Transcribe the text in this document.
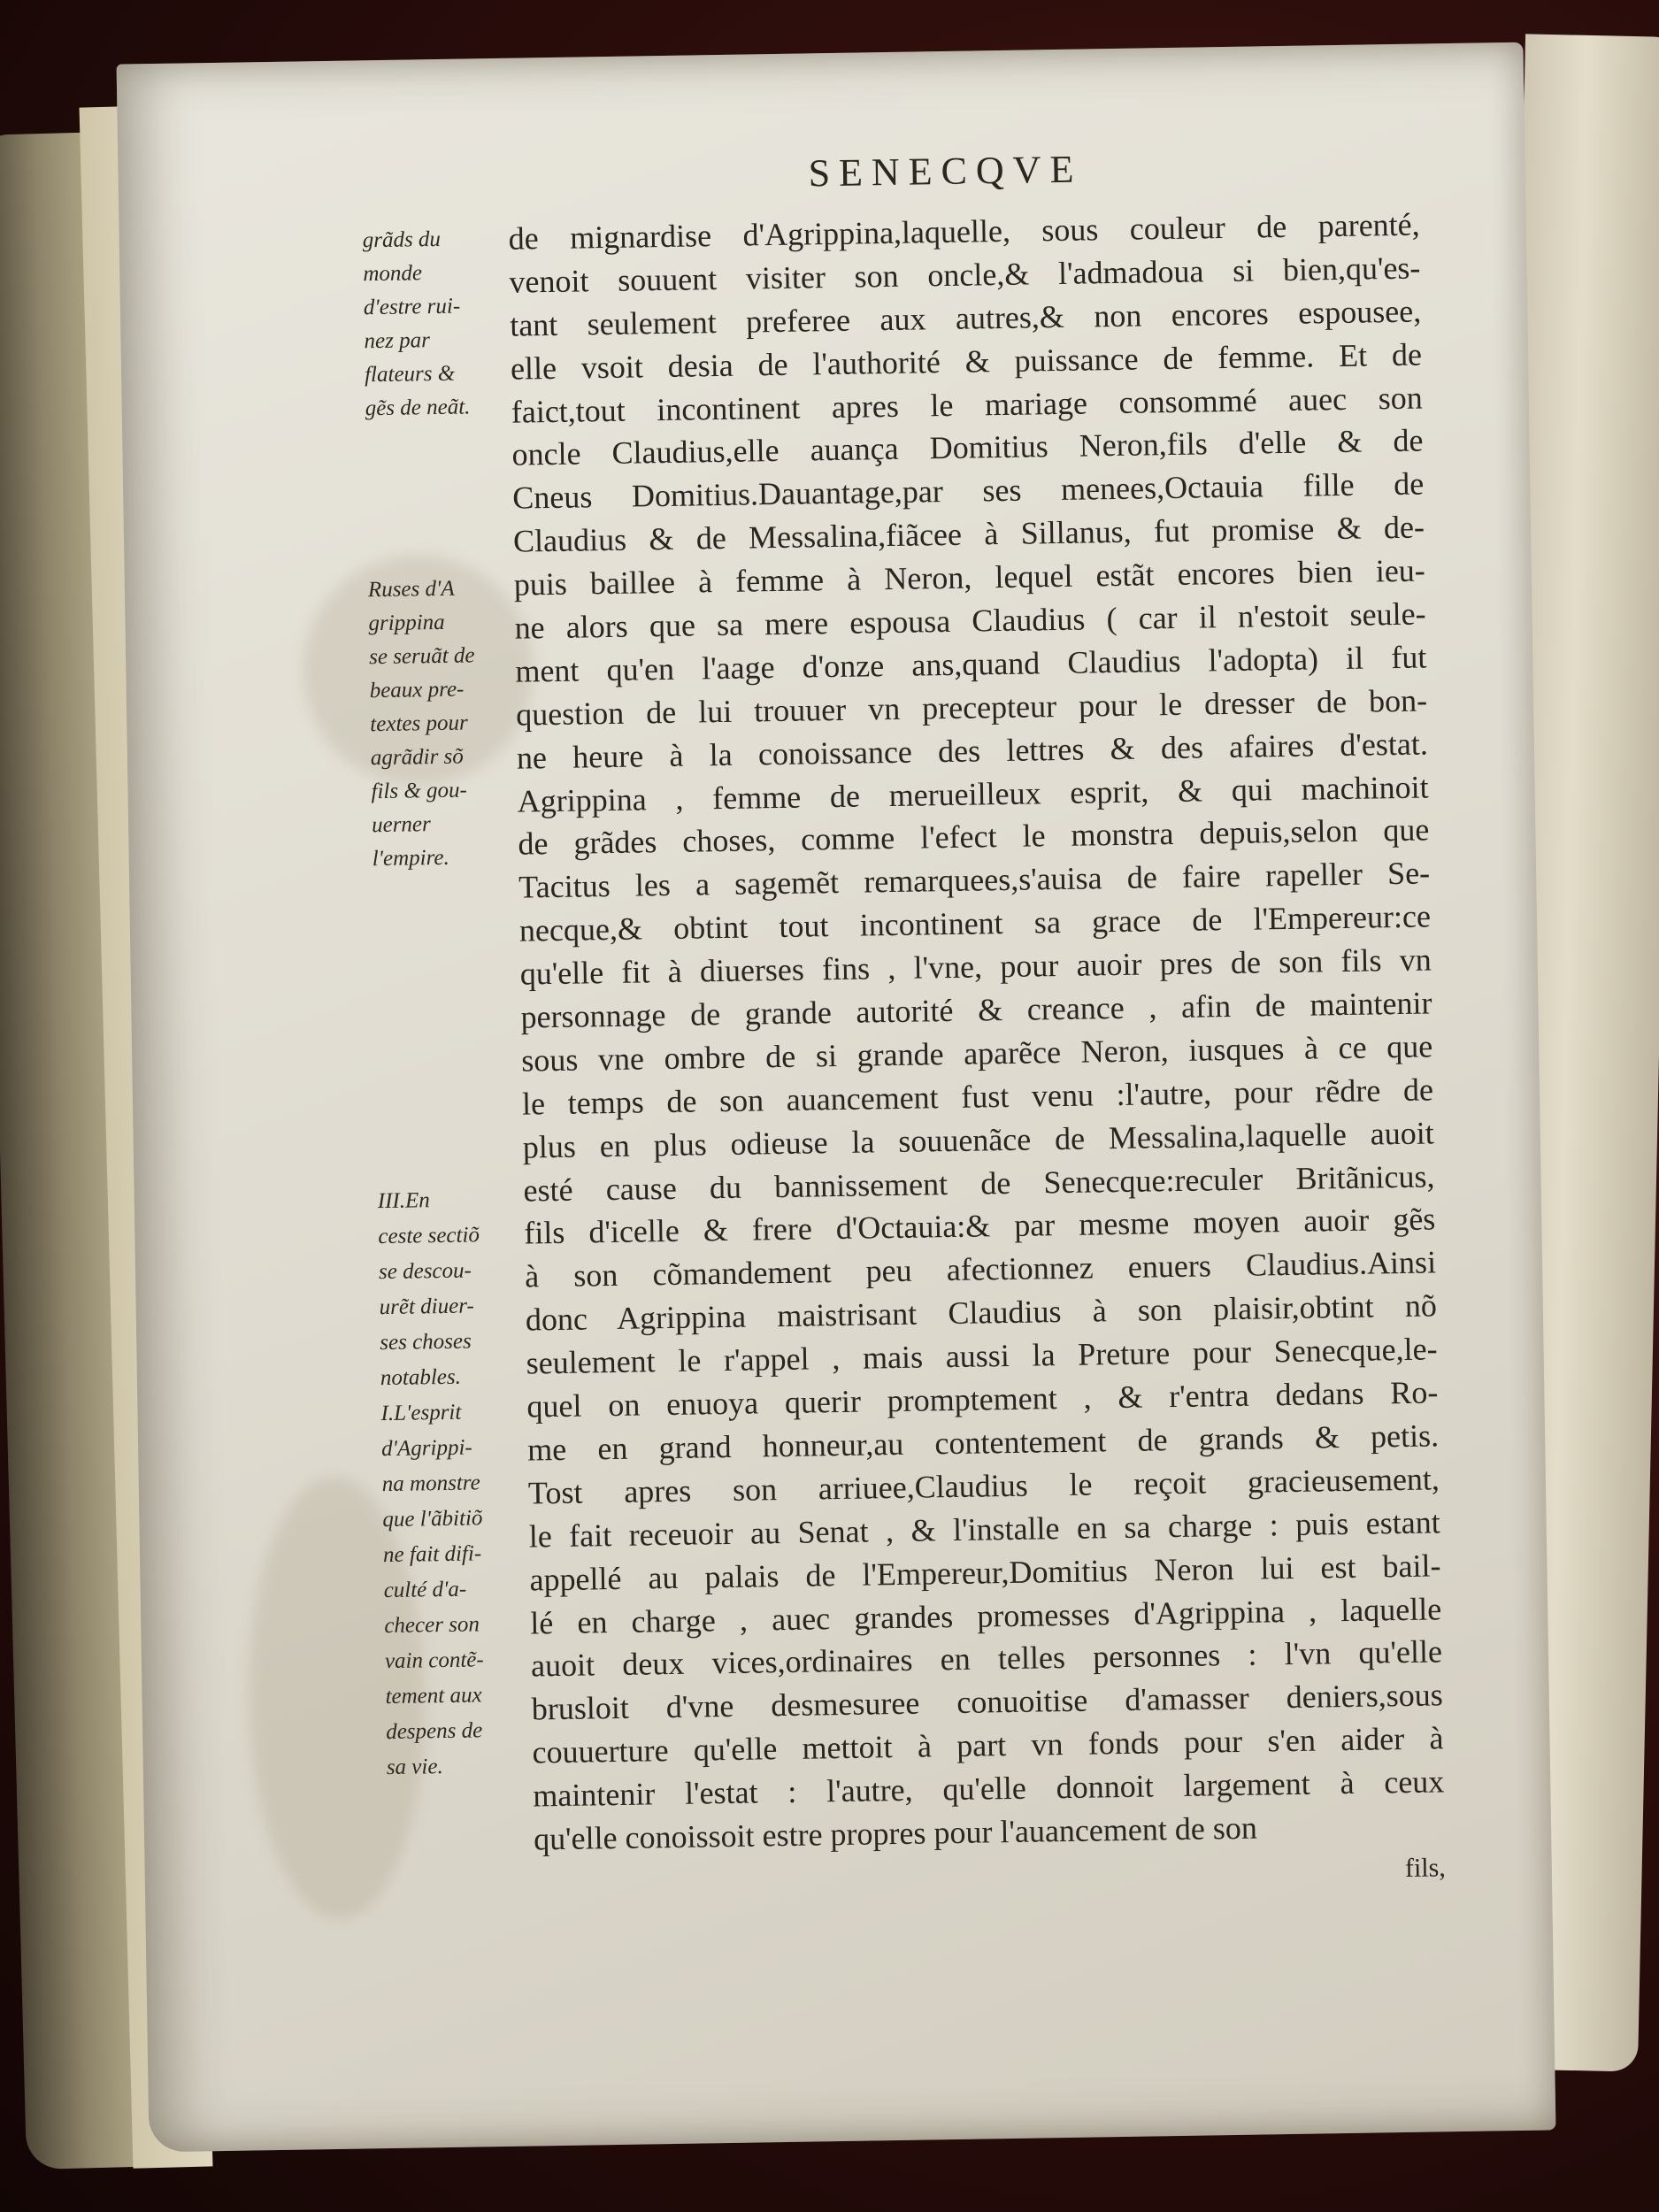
SENECQVE
grãds du
monde
d'estre rui-
nez par
flateurs &
gẽs de neãt.
Ruses d'A
grippina
se seruãt de
beaux pre-
textes pour
agrãdir sõ
fils & gou-
uerner
l'empire.
III.En
ceste sectiõ
se descou-
urẽt diuer-
ses choses
notables.
I.L'esprit
d'Agrippi-
na monstre
que l'ãbitiõ
ne fait difi-
culté d'a-
checer son
vain contẽ-
tement aux
despens de
sa vie.
de mignardise d'Agrippina,laquelle, sous couleur de parenté,
venoit souuent visiter son oncle,& l'admadoua si bien,qu'es-
tant seulement preferee aux autres,& non encores espousee,
elle vsoit desia de l'authorité & puissance de femme. Et de
faict,tout incontinent apres le mariage consommé auec son
oncle Claudius,elle auança Domitius Neron,fils d'elle & de
Cneus Domitius.Dauantage,par ses menees,Octauia fille de
Claudius & de Messalina,fiãcee à Sillanus, fut promise & de-
puis baillee à femme à Neron, lequel estãt encores bien ieu-
ne alors que sa mere espousa Claudius ( car il n'estoit seule-
ment qu'en l'aage d'onze ans,quand Claudius l'adopta) il fut
question de lui trouuer vn precepteur pour le dresser de bon-
ne heure à la conoissance des lettres & des afaires d'estat.
Agrippina , femme de merueilleux esprit, & qui machinoit
de grãdes choses, comme l'efect le monstra depuis,selon que
Tacitus les a sagemẽt remarquees,s'auisa de faire rapeller Se-
necque,& obtint tout incontinent sa grace de l'Empereur:ce
qu'elle fit à diuerses fins , l'vne, pour auoir pres de son fils vn
personnage de grande autorité & creance , afin de maintenir
sous vne ombre de si grande aparẽce Neron, iusques à ce que
le temps de son auancement fust venu :l'autre, pour rẽdre de
plus en plus odieuse la souuenãce de Messalina,laquelle auoit
esté cause du bannissement de Senecque:reculer Britãnicus,
fils d'icelle & frere d'Octauia:& par mesme moyen auoir gẽs
à son cõmandement peu afectionnez enuers Claudius.Ainsi
donc Agrippina maistrisant Claudius à son plaisir,obtint nõ
seulement le r'appel , mais aussi la Preture pour Senecque,le-
quel on enuoya querir promptement , & r'entra dedans Ro-
me en grand honneur,au contentement de grands & petis.
Tost apres son arriuee,Claudius le reçoit gracieusement,
le fait receuoir au Senat , & l'installe en sa charge : puis estant
appellé au palais de l'Empereur,Domitius Neron lui est bail-
lé en charge , auec grandes promesses d'Agrippina , laquelle
auoit deux vices,ordinaires en telles personnes : l'vn qu'elle
brusloit d'vne desmesuree conuoitise d'amasser deniers,sous
couuerture qu'elle mettoit à part vn fonds pour s'en aider à
maintenir l'estat : l'autre, qu'elle donnoit largement à ceux
qu'elle conoissoit estre propres pour l'auancement de son
fils,
